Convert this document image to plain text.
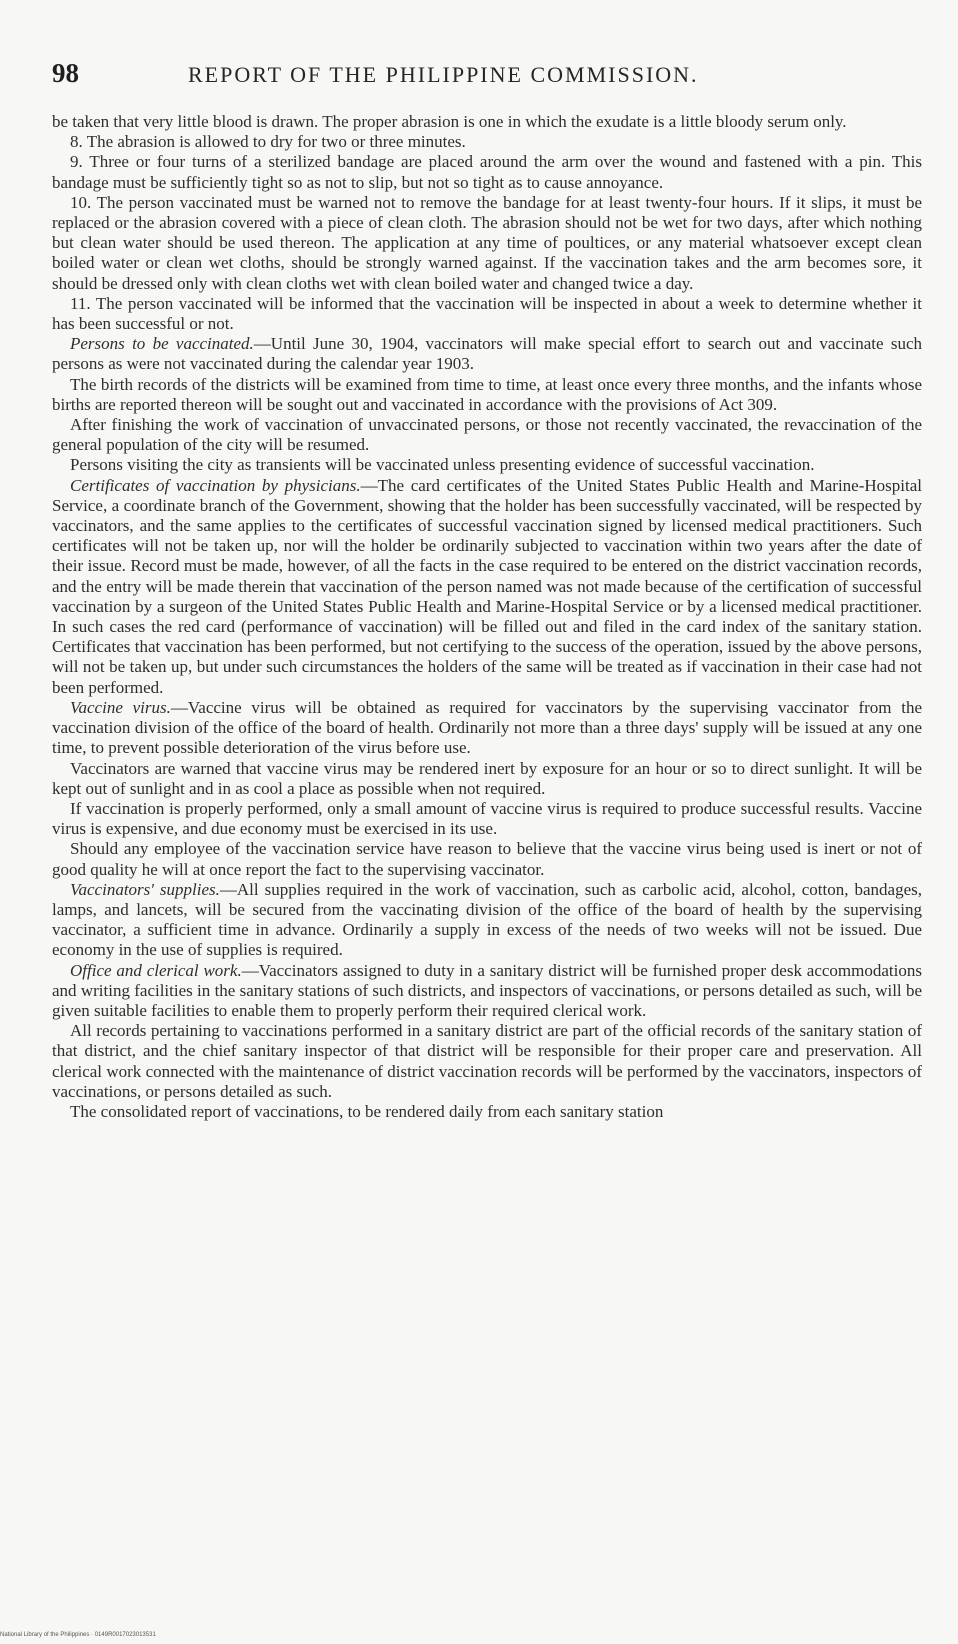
98	REPORT OF THE PHILIPPINE COMMISSION.

be taken that very little blood is drawn. The proper abrasion is one in which the exudate is a little bloody serum only.

8. The abrasion is allowed to dry for two or three minutes.

9. Three or four turns of a sterilized bandage are placed around the arm over the wound and fastened with a pin. This bandage must be sufficiently tight so as not to slip, but not so tight as to cause annoyance.

10. The person vaccinated must be warned not to remove the bandage for at least twenty-four hours. If it slips, it must be replaced or the abrasion covered with a piece of clean cloth. The abrasion should not be wet for two days, after which nothing but clean water should be used thereon. The application at any time of poultices, or any material whatsoever except clean boiled water or clean wet cloths, should be strongly warned against. If the vaccination takes and the arm becomes sore, it should be dressed only with clean cloths wet with clean boiled water and changed twice a day.

11. The person vaccinated will be informed that the vaccination will be inspected in about a week to determine whether it has been successful or not.

Persons to be vaccinated.—Until June 30, 1904, vaccinators will make special effort to search out and vaccinate such persons as were not vaccinated during the calendar year 1903.

The birth records of the districts will be examined from time to time, at least once every three months, and the infants whose births are reported thereon will be sought out and vaccinated in accordance with the provisions of Act 309.

After finishing the work of vaccination of unvaccinated persons, or those not recently vaccinated, the revaccination of the general population of the city will be resumed.

Persons visiting the city as transients will be vaccinated unless presenting evidence of successful vaccination.

Certificates of vaccination by physicians.—The card certificates of the United States Public Health and Marine-Hospital Service, a coordinate branch of the Government, showing that the holder has been successfully vaccinated, will be respected by vaccinators, and the same applies to the certificates of successful vaccination signed by licensed medical practitioners. Such certificates will not be taken up, nor will the holder be ordinarily subjected to vaccination within two years after the date of their issue. Record must be made, however, of all the facts in the case required to be entered on the district vaccination records, and the entry will be made therein that vaccination of the person named was not made because of the certification of successful vaccination by a surgeon of the United States Public Health and Marine-Hospital Service or by a licensed medical practitioner. In such cases the red card (performance of vaccination) will be filled out and filed in the card index of the sanitary station. Certificates that vaccination has been performed, but not certifying to the success of the operation, issued by the above persons, will not be taken up, but under such circumstances the holders of the same will be treated as if vaccination in their case had not been performed.

Vaccine virus.—Vaccine virus will be obtained as required for vaccinators by the supervising vaccinator from the vaccination division of the office of the board of health. Ordinarily not more than a three days' supply will be issued at any one time, to prevent possible deterioration of the virus before use.

Vaccinators are warned that vaccine virus may be rendered inert by exposure for an hour or so to direct sunlight. It will be kept out of sunlight and in as cool a place as possible when not required.

If vaccination is properly performed, only a small amount of vaccine virus is required to produce successful results. Vaccine virus is expensive, and due economy must be exercised in its use.

Should any employee of the vaccination service have reason to believe that the vaccine virus being used is inert or not of good quality he will at once report the fact to the supervising vaccinator.

Vaccinators' supplies.—All supplies required in the work of vaccination, such as carbolic acid, alcohol, cotton, bandages, lamps, and lancets, will be secured from the vaccinating division of the office of the board of health by the supervising vaccinator, a sufficient time in advance. Ordinarily a supply in excess of the needs of two weeks will not be issued. Due economy in the use of supplies is required.

Office and clerical work.—Vaccinators assigned to duty in a sanitary district will be furnished proper desk accommodations and writing facilities in the sanitary stations of such districts, and inspectors of vaccinations, or persons detailed as such, will be given suitable facilities to enable them to properly perform their required clerical work.

All records pertaining to vaccinations performed in a sanitary district are part of the official records of the sanitary station of that district, and the chief sanitary inspector of that district will be responsible for their proper care and preservation. All clerical work connected with the maintenance of district vaccination records will be performed by the vaccinators, inspectors of vaccinations, or persons detailed as such.

The consolidated report of vaccinations, to be rendered daily from each sanitary station

National Library of the Philippines · 0149R0017023013531
